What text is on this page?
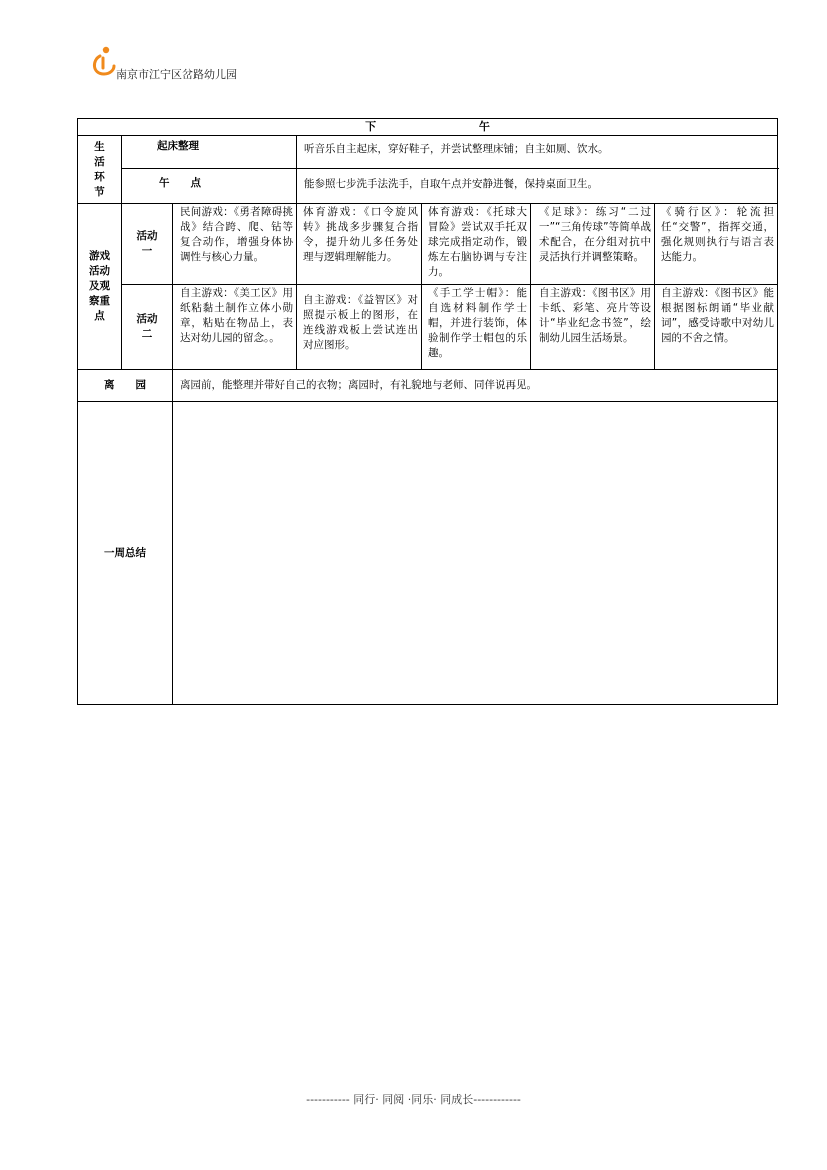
南京市江宁区岔路幼儿园
下 午						

生活环节	起床整理		听音乐自主起床，穿好鞋子，并尝试整理床铺；自主如厕、饮水。			
	午　　点		能参照七步洗手法洗手，自取午点并安静进餐，保持桌面卫生。			

游戏活动及观察重点	活动一	民间游戏：《勇者障碍挑战》结合跨、爬、钻等复合动作，增强身体协调性与核心力量。	体育游戏：《口令旋风转》挑战多步骤复合指令，提升幼儿多任务处理与逻辑理解能力。	体育游戏：《托球大冒险》尝试双手托双球完成指定动作，锻炼左右脑协调与专注力。	《足球》：练习“二过一”“三角传球”等简单战术配合，在分组对抗中灵活执行并调整策略。	《骑行区》：轮流担任“交警”，指挥交通，强化规则执行与语言表达能力。

	活动二	自主游戏：《美工区》用纸粘黏土制作立体小勋章，粘贴在物品上，表达对幼儿园的留念。。	自主游戏：《益智区》对照提示板上的图形，在连线游戏板上尝试连出对应图形。	《手工学士帽》：能自选材料制作学士帽，并进行装饰，体验制作学士帽包的乐趣。	自主游戏：《图书区》用卡纸、彩笔、亮片等设计“毕业纪念书签”，绘制幼儿园生活场景。	自主游戏：《图书区》能根据图标朗诵“毕业献词”，感受诗歌中对幼儿园的不舍之情。
离　　园		离园前，能整理并带好自己的衣物；离园时，有礼貌地与老师、同伴说再见。				
一周总结						
----------- 同行· 同阅 ·同乐· 同成长------------
